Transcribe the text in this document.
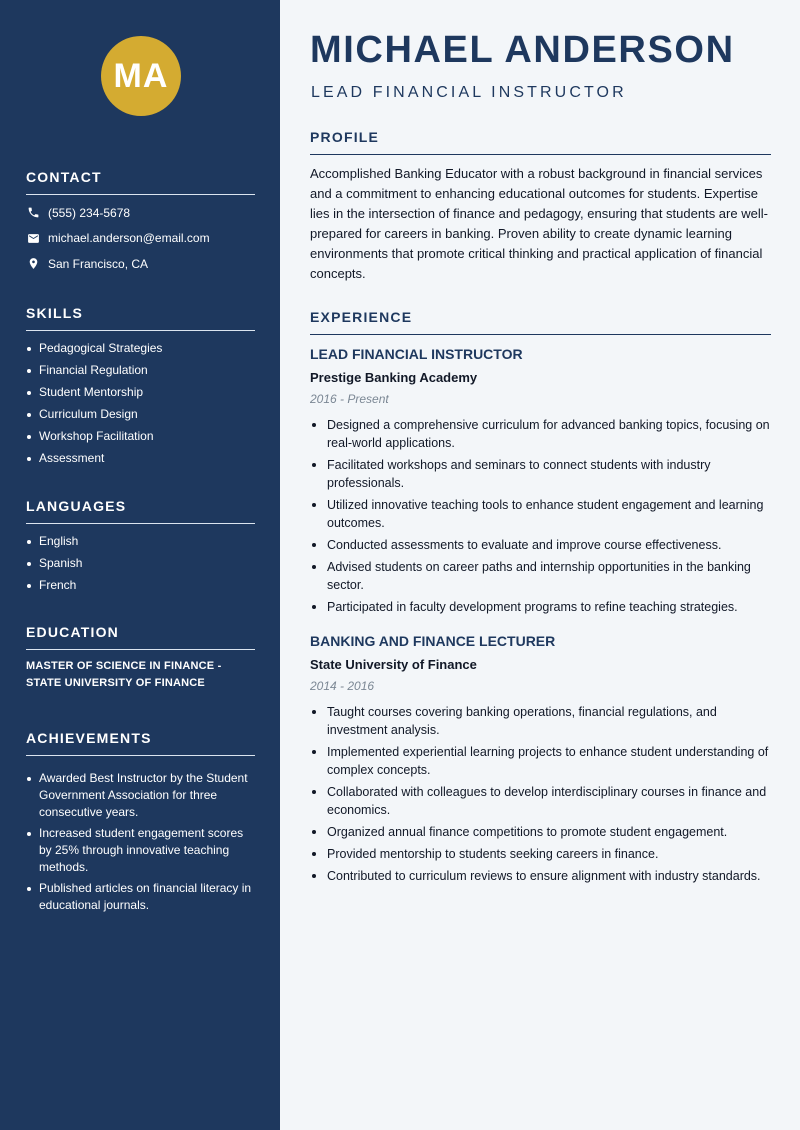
MA
CONTACT
(555) 234-5678
michael.anderson@email.com
San Francisco, CA
SKILLS
Pedagogical Strategies
Financial Regulation
Student Mentorship
Curriculum Design
Workshop Facilitation
Assessment
LANGUAGES
English
Spanish
French
EDUCATION
MASTER OF SCIENCE IN FINANCE - STATE UNIVERSITY OF FINANCE
ACHIEVEMENTS
Awarded Best Instructor by the Student Government Association for three consecutive years.
Increased student engagement scores by 25% through innovative teaching methods.
Published articles on financial literacy in educational journals.
MICHAEL ANDERSON
LEAD FINANCIAL INSTRUCTOR
PROFILE

Accomplished Banking Educator with a robust background in financial services and a commitment to enhancing educational outcomes for students. Expertise lies in the intersection of finance and pedagogy, ensuring that students are well-prepared for careers in banking. Proven ability to create dynamic learning environments that promote critical thinking and practical application of financial concepts.

EXPERIENCE
LEAD FINANCIAL INSTRUCTOR
Prestige Banking Academy
2016 - Present
Designed a comprehensive curriculum for advanced banking topics, focusing on real-world applications.
Facilitated workshops and seminars to connect students with industry professionals.
Utilized innovative teaching tools to enhance student engagement and learning outcomes.
Conducted assessments to evaluate and improve course effectiveness.
Advised students on career paths and internship opportunities in the banking sector.
Participated in faculty development programs to refine teaching strategies.
BANKING AND FINANCE LECTURER
State University of Finance
2014 - 2016
Taught courses covering banking operations, financial regulations, and investment analysis.
Implemented experiential learning projects to enhance student understanding of complex concepts.
Collaborated with colleagues to develop interdisciplinary courses in finance and economics.
Organized annual finance competitions to promote student engagement.
Provided mentorship to students seeking careers in finance.
Contributed to curriculum reviews to ensure alignment with industry standards.
